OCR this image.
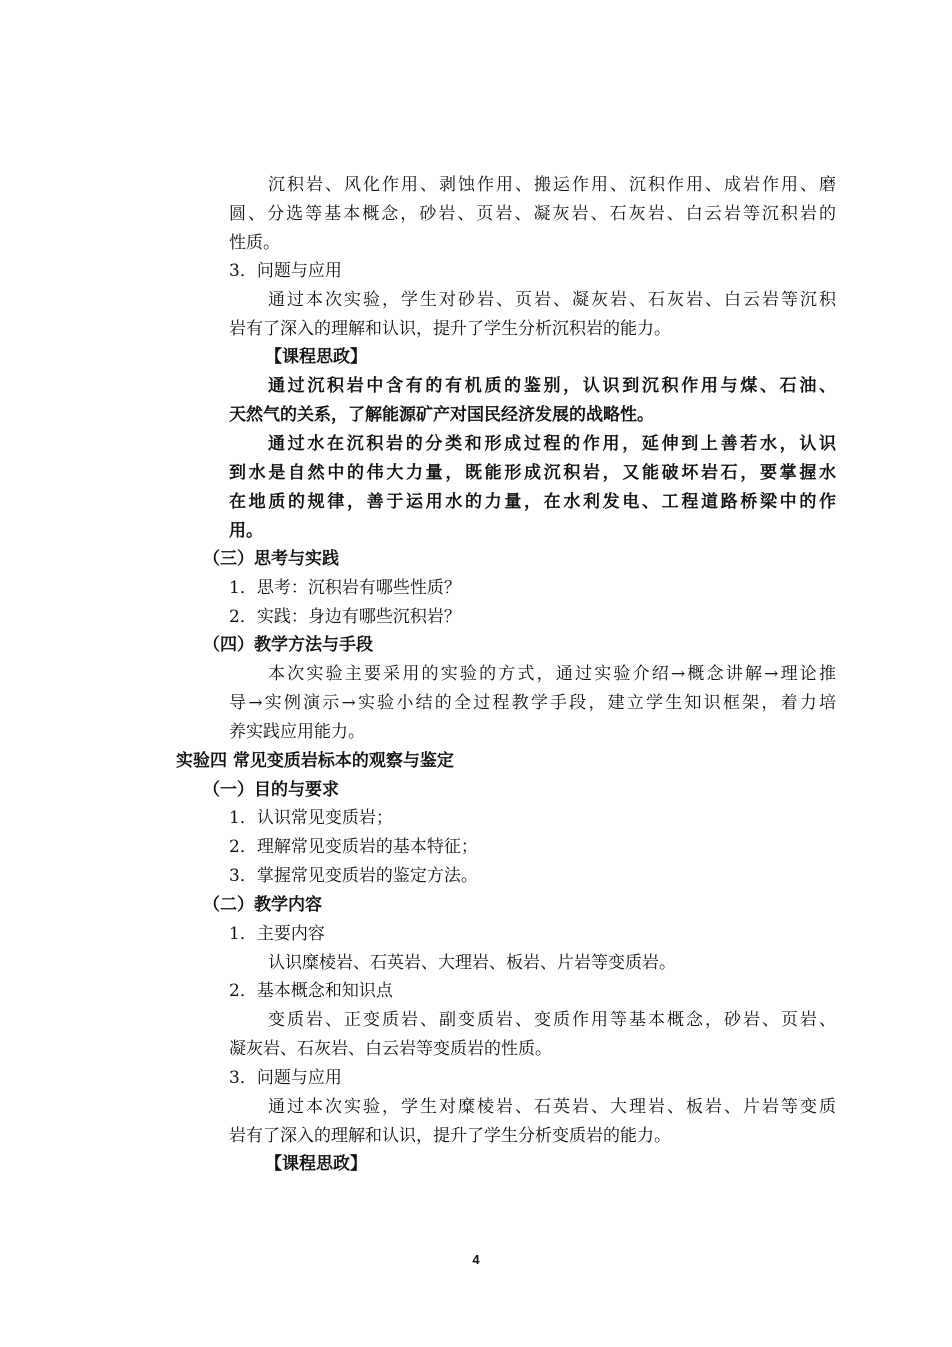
沉积岩、风化作用、剥蚀作用、搬运作用、沉积作用、成岩作用、磨
圆、分选等基本概念，砂岩、页岩、凝灰岩、石灰岩、白云岩等沉积岩的
性质。
3．问题与应用
通过本次实验，学生对砂岩、页岩、凝灰岩、石灰岩、白云岩等沉积
岩有了深入的理解和认识，提升了学生分析沉积岩的能力。
【课程思政】
通过沉积岩中含有的有机质的鉴别，认识到沉积作用与煤、石油、
天然气的关系，了解能源矿产对国民经济发展的战略性。
通过水在沉积岩的分类和形成过程的作用，延伸到上善若水，认识
到水是自然中的伟大力量，既能形成沉积岩，又能破坏岩石，要掌握水
在地质的规律，善于运用水的力量，在水利发电、工程道路桥梁中的作
用。
（三）思考与实践
1．思考：沉积岩有哪些性质？
2．实践：身边有哪些沉积岩？
（四）教学方法与手段
本次实验主要采用的实验的方式，通过实验介绍→概念讲解→理论推
导→实例演示→实验小结的全过程教学手段，建立学生知识框架，着力培
养实践应用能力。
实验四 常见变质岩标本的观察与鉴定
（一）目的与要求
1．认识常见变质岩；
2．理解常见变质岩的基本特征；
3．掌握常见变质岩的鉴定方法。
（二）教学内容
1．主要内容
认识糜棱岩、石英岩、大理岩、板岩、片岩等变质岩。
2．基本概念和知识点
变质岩、正变质岩、副变质岩、变质作用等基本概念，砂岩、页岩、
凝灰岩、石灰岩、白云岩等变质岩的性质。
3．问题与应用
通过本次实验，学生对糜棱岩、石英岩、大理岩、板岩、片岩等变质
岩有了深入的理解和认识，提升了学生分析变质岩的能力。
【课程思政】
4
